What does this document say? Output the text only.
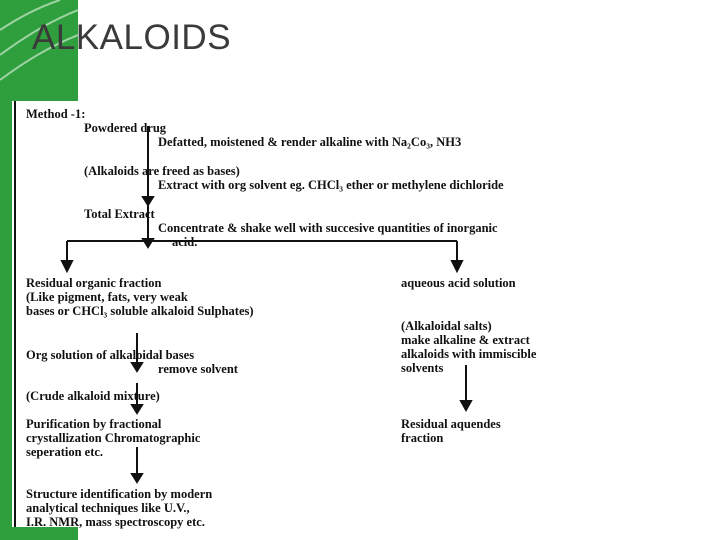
ALKALOIDS
Method -1:
Powdered drug
Defatted, moistened & render alkaline with Na₂Co₃, NH3
(Alkaloids are freed as bases)
Extract with org solvent eg. CHCl₃ ether or methylene dichloride
Total Extract
Concentrate & shake well with succesive quantities of inorganic
acid.
Residual organic fraction
(Like pigment, fats, very weak
bases or CHCl₃ soluble alkaloid Sulphates)
Org solution of alkaloidal bases
remove solvent
(Crude alkaloid mixture)
Purification by fractional
crystallization Chromatographic
seperation etc.
Structure identification by modern
analytical techniques like U.V.,
I.R. NMR, mass spectroscopy etc.
aqueous acid solution
(Alkaloidal salts)
make alkaline & extract
alkaloids with immiscible
solvents
Residual aquendes
fraction
